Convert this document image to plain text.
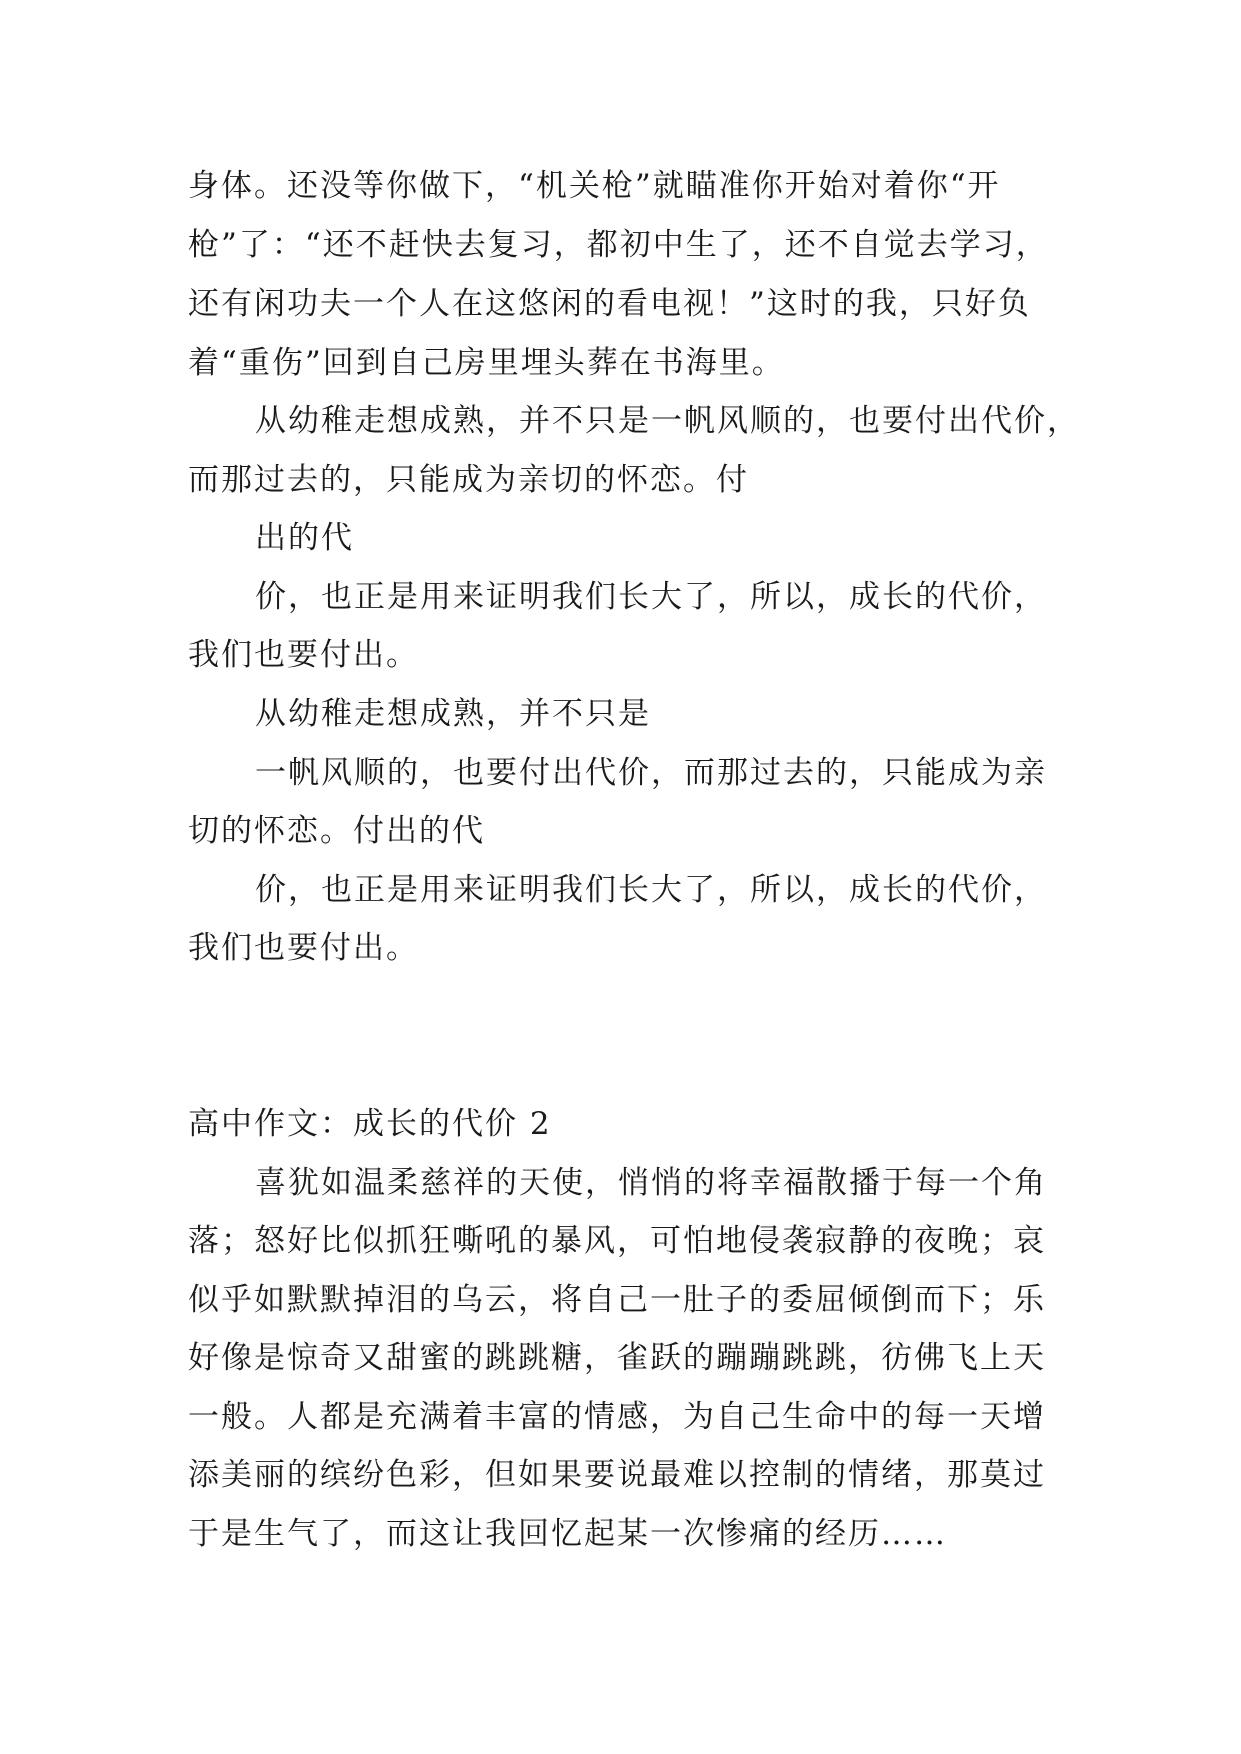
身体。还没等你做下，“机关枪”就瞄准你开始对着你“开
枪”了：“还不赶快去复习，都初中生了，还不自觉去学习，
还有闲功夫一个人在这悠闲的看电视！”这时的我，只好负
着“重伤”回到自己房里埋头葬在书海里。
从幼稚走想成熟，并不只是一帆风顺的，也要付出代价，
而那过去的，只能成为亲切的怀恋。付
出的代
价，也正是用来证明我们长大了，所以，成长的代价，
我们也要付出。
从幼稚走想成熟，并不只是
一帆风顺的，也要付出代价，而那过去的，只能成为亲
切的怀恋。付出的代
价，也正是用来证明我们长大了，所以，成长的代价，
我们也要付出。
高中作文：成长的代价 2
喜犹如温柔慈祥的天使，悄悄的将幸福散播于每一个角
落；怒好比似抓狂嘶吼的暴风，可怕地侵袭寂静的夜晚；哀
似乎如默默掉泪的乌云，将自己一肚子的委屈倾倒而下；乐
好像是惊奇又甜蜜的跳跳糖，雀跃的蹦蹦跳跳，彷佛飞上天
一般。人都是充满着丰富的情感，为自己生命中的每一天增
添美丽的缤纷色彩，但如果要说最难以控制的情绪，那莫过
于是生气了，而这让我回忆起某一次惨痛的经历……
